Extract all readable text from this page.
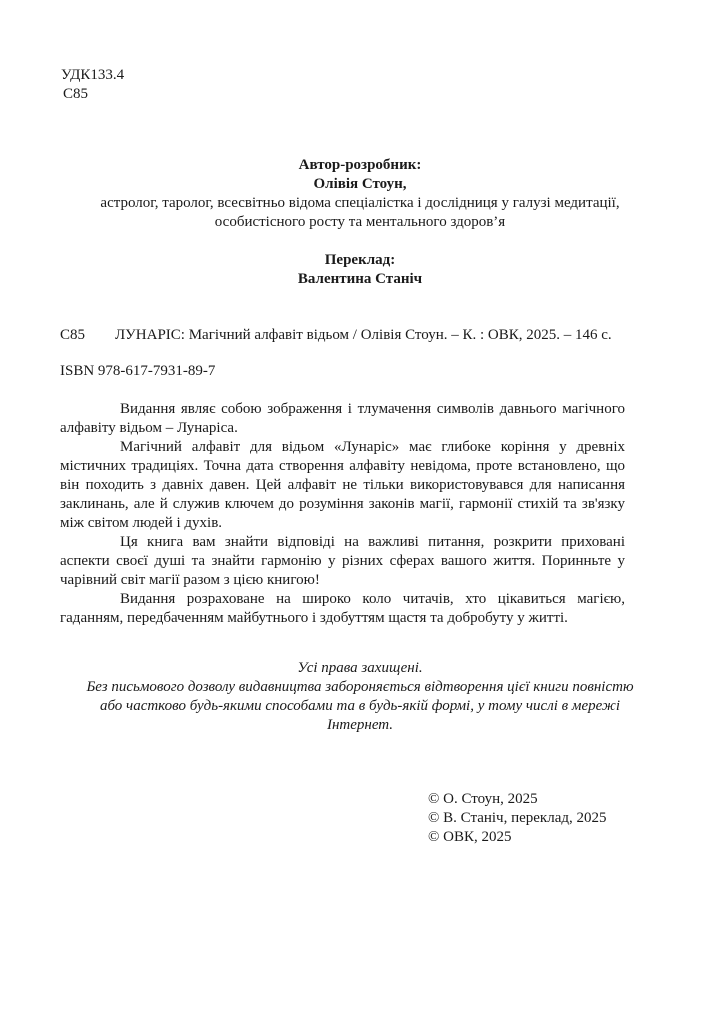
УДК133.4
С85
Автор-розробник:
Олівія Стоун,
астролог, таролог, всесвітньо відома спеціалістка і дослідниця у галузі медитації,
особистісного росту та ментального здоров’я
Переклад:
Валентина Станіч
С85 ЛУНАРІС: Магічний алфавіт відьом / Олівія Стоун. – К. : ОВК, 2025. – 146 с.
ISBN 978-617-7931-89-7

Видання являє собою зображення і тлумачення символів давнього магічного алфавіту відьом – Лунаріса.

Магічний алфавіт для відьом «Лунаріс» має глибоке коріння у древніх містичних традиціях. Точна дата створення алфавіту невідома, проте встановлено, що він походить з давніх давен. Цей алфавіт не тільки використовувався для написання заклинань, але й служив ключем до розуміння законів магії, гармонії стихій та зв'язку між світом людей і духів.

Ця книга вам знайти відповіді на важливі питання, розкрити приховані аспекти своєї душі та знайти гармонію у різних сферах вашого життя. Поринньте у чарівний світ магії разом з цією книгою!

Видання розраховане на широко коло читачів, хто цікавиться магією, гаданням, передбаченням майбутнього і здобуттям щастя та добробуту у житті.

Усі права захищені.
Без письмового дозволу видавництва забороняється відтворення цієї книги повністю
або частково будь-якими способами та в будь-якій формі, у тому числі в мережі
Інтернет.
© О. Стоун, 2025
© В. Станіч, переклад, 2025
© ОВК, 2025
